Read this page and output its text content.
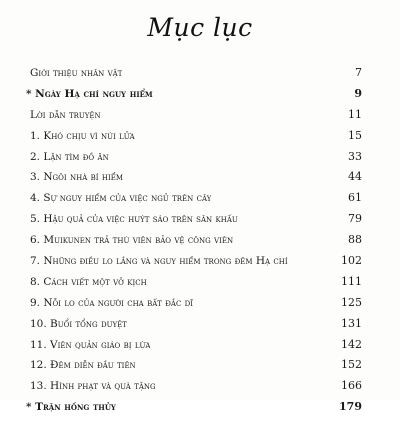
Mục lục
Giới thiệu nhân vật	7
* Ngày Hạ chí nguy hiểm	9
Lời dẫn truyện	11
1. Khó chịu vì núi lửa	15
2. Lặn tìm đồ ăn	33
3. Ngôi nhà bí hiểm	44
4. Sự nguy hiểm của việc ngủ trên cây	61
5. Hậu quả của việc huýt sáo trên sân khấu	79
6. Muikunen trả thù viên bảo vệ công viên	88
7. Những điều lo lắng và nguy hiểm trong đêm Hạ chí	102
8. Cách viết một vở kịch	111
9. Nỗi lo của người cha bất đắc dĩ	125
10. Buổi tổng duyệt	131
11. Viên quản giáo bị lừa	142
12. Đêm diễn đầu tiên	152
13. Hình phạt và quà tặng	166
* Trận hồng thủy	179
